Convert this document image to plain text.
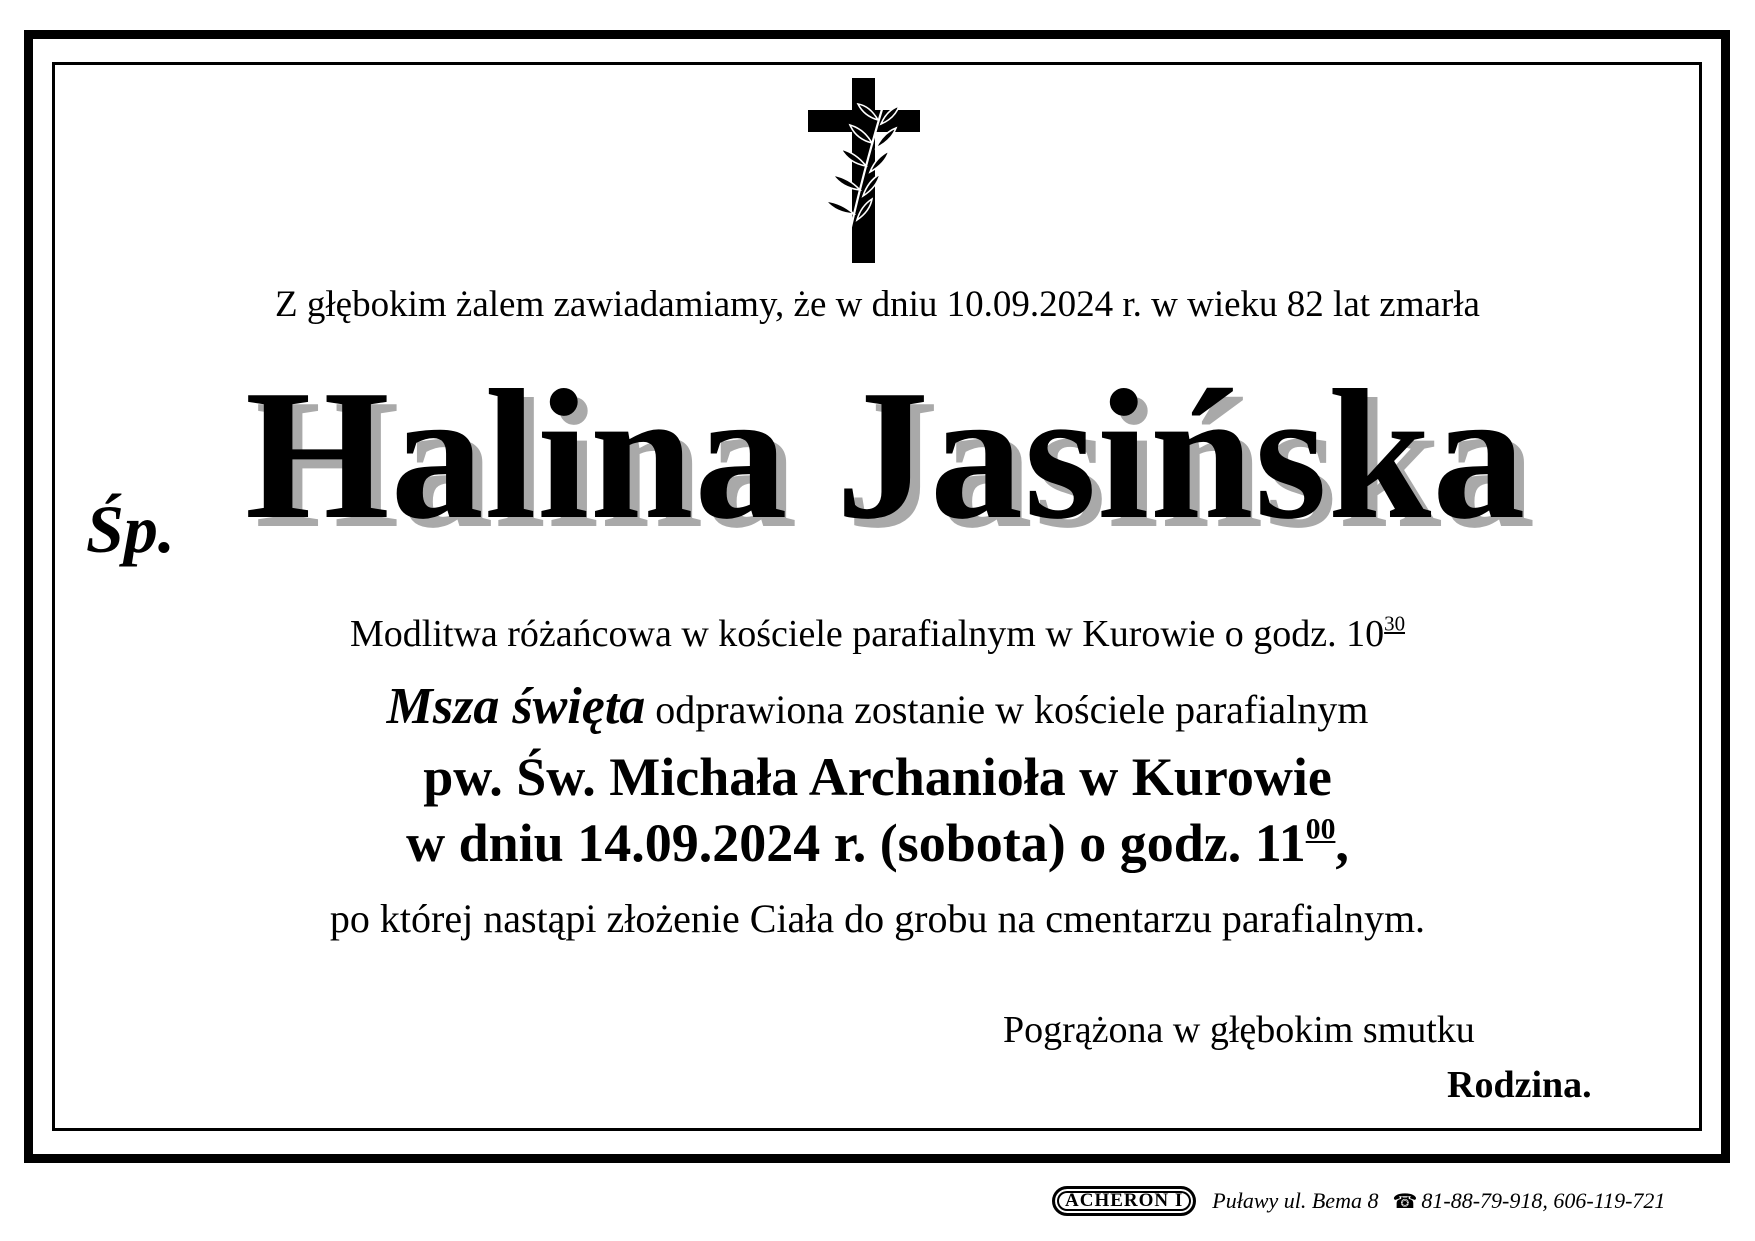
Z głębokim żalem zawiadamiamy, że w dniu 10.09.2024 r. w wieku 82 lat zmarła
Śp. Halina Jasińska
Modlitwa różańcowa w kościele parafialnym w Kurowie o godz. $10^{30}$
Msza święta odprawiona zostanie w kościele parafialnym
pw. Św. Michała Archanioła w Kurowie
w dniu 14.09.2024 r. (sobota) o godz. $11^{00}$,
po której nastąpi złożenie Ciała do grobu na cmentarzu parafialnym.
Pogrążona w głębokim smutku
Rodzina.
ACHERON I	Puławy ul. Bema 8 ☎ 81-88-79-918, 606-119-721
